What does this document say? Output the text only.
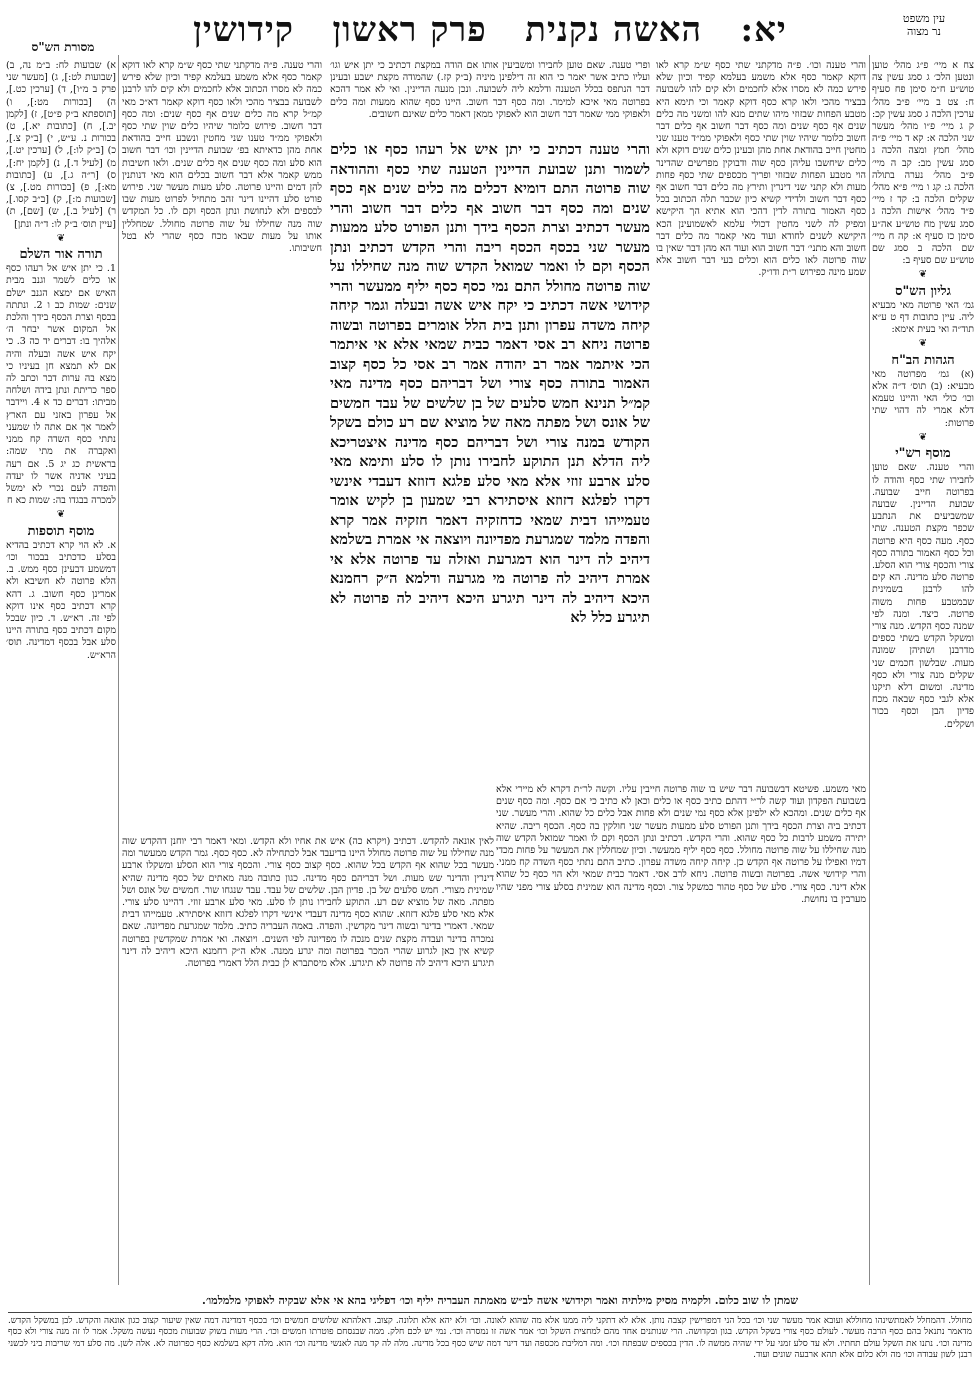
עין משפט
נר מצוה
יא:   האשה נקנית   פרק ראשון   קידושין
מסורת הש"ס

צח א מיי׳ פ״ג מהל׳ טוען ונטען הלכ׳ ג סמג עשין צה טוש״ע ח״מ סימן פח סעיף ח: צט ב מיי׳ פ״ב מהל׳ ערכין הלכה ג סמג עשין קכ: ק ג מיי׳ פ״ו מהל׳ מעשר שני הלכה א: קא ד מיי׳ פ״ה מהל׳ חמץ ומצה הלכה ג סמג עשין מב: קב ה מיי׳ פ״ב מהל׳ נערה בתולה הלכה ג: קג ו מיי׳ פ״א מהל׳ שקלים הלכה ב: קד ז מיי׳ פ״ד מהל׳ אישות הלכה ג סמג עשין מח טוש״ע אה״ע סימן כז סעיף א: קה ח מיי׳ שם הלכה ב סמג שם טוש״ע שם סעיף ב:

❦
גליון הש"ס

גמ׳ האי פרוטה מאי מבעיא ליה. עיין כתובות דף ט ע״א תוד״ה ואי בעית אימא:

❦
הגהות הב"ח

(א) גמ׳ מפרוטה מאי מבעיא: (ב) תוס׳ ד״ה אלא וכו׳ כולי האי והיינו טעמא דלא אמרי לה דהוי שתי פרוטות:

❦
מוסף רש"י

והרי טענה. שאם טוען לחבירו שתי כסף והודה לו בפרוטה חייב שבועה. שבועת הדיינין. שבועה שמשביעים את הנתבע שכפר מקצת הטענה. שתי כסף. מעה כסף היא פרוטה וכל כסף האמור בתורה כסף צורי והכסף צורי הוא הסלע. פרוטה סלע מדינה. הא קים להו לרבנן בשמינית שבמטבע פחות משוה פרוטה. כיצד. ומנה לפי שמנה כסף הקדש. מנה צורי ומשקל הקדש בשתי כספים מדרבנן ושתיהן שמונה מעות. שבלשון חכמים שני שקלים מנה צורי ולא כסף מדינה. ומשום דלא תיקנו אלא לגבי כסף שבאה מכח פדיון הבן וכסף בכור ושקלים.

והרי טענה וכו׳. פ״ה מדקתני שתי כסף ש״מ קרא לאו דוקא קאמר כסף אלא משמע בעלמא קפיד וכיון שלא פירש כמה לא מסרו אלא לחכמים ולא קים להו לשבועה בבציר מהכי ולאו קרא כסף דוקא קאמר וכי תימא היא מטבע הפחות שבזוזי מיהו שתים מנא להו ומשני מה כלים שנים אף כסף שנים ומה כסף דבר חשוב אף כלים דבר חשוב כלומר שיהיו שוין שתי כסף ולאפוקי ממ״ד טענו שני מחטין חייב בהודאת אחת מהן ובעינן כלים שנים דוקא ולא כלים שיחשבו עליהן כסף שוה ודבוקין מפרשים שהדינר הוי מטבע הפחות שבזוזי ופריך מכספים שתי כסף פחות מעות ולא קתני שני דינרין ותירץ מה כלים דבר חשוב אף כסף דבר חשוב ולדידי קשיא כיון שכבר תלה הכתוב בכל כסף האמור בתורה לדין דהכי הוא אתיא הך היקישא ומפיק לה לשני מחטין דכולי עלמא לאשמועינן הכא היקישא לשנים לחודא ועוד מאי קאמר מה כלים דבר חשוב והא מתני׳ דבר חשוב הוא ועוד הא מהן דבר שאין בו שוה פרוטה לאו כלים הוא וכלים בעי דבר חשוב אלא שמע מינה כפירוש ר״ת ודו״ק.

והרי טענה דכתיב כי יתן איש אל רעהו כסף או כלים לשמור ותנן שבועת הדיינין הטענה שתי כסף וההודאה שוה פרוטה התם דומיא דכלים מה כלים שנים אף כסף שנים ומה כסף דבר חשוב אף כלים דבר חשוב והרי מעשר דכתיב וצרת הכסף בידך ותנן הפורט סלע ממעות מעשר שני בכסף הכסף ריבה והרי הקדש דכתיב ונתן הכסף וקם לו ואמר שמואל הקדש שוה מנה שחיללו על שוה פרוטה מחולל התם נמי כסף כסף יליף ממעשר והרי קידושי אשה דכתיב כי יקח איש אשה ובעלה וגמר קיחה קיחה משדה עפרון ותנן בית הלל אומרים בפרוטה ובשוה פרוטה ניחא רב אסי דאמר כבית שמאי אלא אי איתמר הכי איתמר אמר רב יהודה אמר רב אסי כל כסף קצוב האמור בתורה כסף צורי ושל דבריהם כסף מדינה מאי קמ״ל תנינא חמש סלעים של בן שלשים של עבד חמשים של אונס ושל מפתה מאה של מוציא שם רע כולם בשקל הקודש במנה צורי ושל דבריהם כסף מדינה איצטריכא ליה הדלא תנן התוקע לחבירו נותן לו סלע ותימא מאי סלע ארבע זוזי אלא מאי סלע פלגא דזוזא דעבדי אינשי דקרו לפלגא דזוזא איסתירא רבי שמעון בן לקיש אומר טעמייהו דבית שמאי כדחזקיה דאמר חזקיה אמר קרא והפדה מלמד שמגרעת מפדיונה ויוצאה אי אמרת בשלמא דיהיב לה דינר הוא דמגרעת ואזלה עד פרוטה אלא אי אמרת דיהיב לה פרוטה מי מגרעה ודלמא ה״ק רחמנא היכא דיהיב לה דינר תיגרע היכא דיהיב לה פרוטה לא תיגרע כלל לא

ופרי טענה. שאם טוען לחבירו ומשביעין אותו אם הודה במקצת דכתיב כי יתן איש וגו׳ ועליו כתיב אשר יאמר כי הוא זה דילפינן מיניה (ב״ק קז.) שהמודה מקצת ישבע ובעינן דבר הנתפס בכלל הטענה ודלמא ליה לשבועה. ונכן מנעה הדיינין. ואי לא אמר דהכא בפרוטה מאי איכא למימר. ומה כסף דבר חשוב. היינו כסף שהוא ממעות ומה כלים ולאפוקי ממי שאמר דבר חשוב הוא לאפוקי ממאן דאמר כלים שאינם חשובים.

והרי טענה. פ״ה מדקתני שתי כסף ש״מ קרא לאו דוקא קאמר כסף אלא משמע בעלמא קפיד וכיון שלא פירש כמה לא מסרו הכתוב אלא לחכמים ולא קים להו לרבנן לשבועה בבציר מהכי ולאו כסף דוקא קאמר דא״כ מאי קמ״ל קרא מה כלים שנים אף כסף שנים: ומה כסף דבר חשוב. פירוש כלומר שיהיו כלים שוין שתי כסף ולאפוקי ממ״ד טענו שני מחטין ונשבע חייב בהודאת אחת מהן כדאיתא בפ׳ שבועת הדיינין וכו׳ דבר חשוב הוא סלע ומה כסף שנים אף כלים שנים. ולאו חשיבות ממש קאמר אלא דבר חשוב בכלים הוא מאי דנותנין להן דמים והיינו פרוטה. סלע מעות מעשר שני. פירוש פורט סלע דהיינו דינר זהב מתחיל לפרוט מעות שבו לכספים ולא לנחושת ונתן הכסף וקם לו. כל המקדש שוה מנה שחיללו על שוה פרוטה מחולל. שמחללין אותו על מעות שבאו מכח כסף שהרי לא בטל חשיבותו.

א) שבועות לח: ב״מ נה, ב) [שבועות לט:], ג) [מעשר שני פרק ב מ״ו], ד) [ערכין כט.], ה) [בכורות מט:], ו) [תוספתא ב״ק פ״ט], ז) [לקמן יב.], ח) [כתובות יא.], ט) בכורות נ. ע״ש, י) [ב״ק צ.], כ) [ב״ק לו:], ל) [ערכין יט.], מ) [לעיל ד.], נ) [לקמן יח:], ס) [ר״ה ג.], ע) [כתובות מא:], פ) [בכורות מט.], צ) [שבועות מ:], ק) [ב״ב קסו.], ר) [לעיל ב.], ש) [שם], ת) [עיין תוס׳ ב״ק לו: ד״ה ונתן]

❦
תורה אור השלם

1. כי יתן איש אל רעהו כסף או כלים לשמר וגנב מבית האיש אם ימצא הגנב ישלם שנים: שמות כב ו 2. ונתתה בכסף וצרת הכסף בידך והלכת אל המקום אשר יבחר ה׳ אלהיך בו: דברים יד כה 3. כי יקח איש אשה ובעלה והיה אם לא תמצא חן בעיניו כי מצא בה ערות דבר וכתב לה ספר כריתת ונתן בידה ושלחה מביתו: דברים כד א 4. ויידבר אל עפרון באזני עם הארץ לאמר אך אם אתה לו שמעני נתתי כסף השדה קח ממני ואקברה את מתי שמה: בראשית כג יג 5. אם רעה בעיני אדניה אשר לו יעדה והפדה לעם נכרי לא ימשל למכרה בבגדו בה: שמות כא ח

❦
מוסף תוספות

א. לא הוי קרא דכתיב בהדיא בסלע כדכתיב בבכור וכו׳ דמשמע דבעינן כסף ממש. ב. הלא פרוטה לא חשיבא ולא אמרינן כסף חשוב. ג. דהא קרא דכתיב כסף אינו דוקא לפי זה. רא״ש. ד. כיון שבכל מקום דכתיב כסף בתורה היינו סלע אבל בכסף דמדינה. תוס׳ הרא״ש.

מאי משמע. פשיטא דבשבועה דבר שיש בו שוה פרוטה חייבין עליו. וקשה לר״ת דקרא לא מיירי אלא בשבועת הפקדון ועוד קשה לר״י דהתם כתיב כסף או כלים וכאן לא כתיב כי אם כסף. ומה כסף שנים אף כלים שנים. ומהכא לא ילפינן אלא כסף נמי שנים ולא פחות אבל כלים כל שהוא. והרי מעשר. שני דכתיב ביה וצרת הכסף בידך ותנן הפורט סלע ממעות מעשר שני חולקין בה כסף. הכסף ריבה. שהיא יתירה משמע לרבות כל כסף שהוא. והרי הקדש. דכתיב ונתן הכסף וקם לו ואמר שמואל הקדש שוה מנה שחיללו על שוה פרוטה מחולל. כסף כסף יליף ממעשר. וכיון שמחללין את המעשר על פחות מכדי דמיו ואפילו על פרוטה אף הקדש כן. קיחה קיחה משדה עפרון. כתיב התם נתתי כסף השדה קח ממני. והרי קידושי אשה. בפרוטה ובשוה פרוטה. ניחא לרב אסי. דאמר כבית שמאי ולא הוי כסף כל שהוא אלא דינר. כסף צורי. סלע של כסף טהור כמשקל צור. וכסף מדינה הוא שמינית בסלע צורי מפני שהיו מערבין בו נחושת.

לאין אונאה להקדש. דכתיב (ויקרא כה) איש את אחיו ולא הקדש. ומאי דאמר רבי יוחנן דהקדש שוה מנה שחיללו על שוה פרוטה מחולל היינו בדיעבד אבל לכתחילה לא. כסף כסף. גמר הקדש ממעשר ומה מעשר בכל שהוא אף הקדש בכל שהוא. כסף קצוב כסף צורי. והכסף צורי הוא הסלע ומשקלו ארבע דינרין והדינר שש מעות. ושל דבריהם כסף מדינה. כגון כתובה מנה מאתים של כסף מדינה שהיא שמינית מצורי. חמש סלעים של בן. פדיון הבן. שלשים של עבד. עבד שנגחו שור. חמשים של אונס ושל מפתה. מאה של מוציא שם רע. התוקע לחבירו נותן לו סלע. מאי סלע ארבע זוזי. דהיינו סלע צורי. אלא מאי סלע פלגא דזוזא. שהוא כסף מדינה דעבדי אינשי דקרו לפלגא דזוזא איסתירא. טעמייהו דבית שמאי. דאמרי בדינר ובשוה דינר מקדשין. והפדה. באמה העבריה כתיב. מלמד שמגרעת מפדיונה. שאם נמכרה בדינר ועבדה מקצת שנים מנכה לו מפדיונה לפי השנים. ויוצאה. ואי אמרת שמקדשין בפרוטה קשיא אין כאן לגרוע שהרי המכר בפרוטה ומה יגרע ממנה. אלא ה״ק רחמנא היכא דיהיב לה דינר תיגרע היכא דיהיב לה פרוטה לא תיגרע. אלא מיסתברא לן כבית הלל דאמרי בפרוטה.

שמתן לו שוב כלום. ולקמיה מסיק מילתיה ואמר וקידושי אשה לב״ש מאמתה העבריה יליף וכו׳ דפליגי בהא אי אלא שבקיה לאפוקי מלמלמו׳.
מחולל. דהמחלל לאמתשינהו מחוללא ועובא אמר מעשר שני וכו׳ בכל הני דמפרישין קצבה נותן. אלא לא דתקני ליה ממנו אלא מה שהוא לאונה. וכו׳ ולא יהא אלא תלונה. קצוב. דאלהתא שלושים חמשים וכו׳ בכסף דמדינה דמה שאין שיעור קצוב כגון אונאה והקדש. לבן במשקל הקדש. מדאמר נתנאל בהם כסף הרבה מעשר. לעולם כסף צורי בשקל הקדש. בגון ובקדושה. הרי שנותנים אחד מהם למחצית השקל וכו׳ אמר אשה זו נמסרה וכו׳. נמי יש לכם חלק. ממה שבנסחם פוטרתו חמשים וכו׳. הרי מעות בשוק שבועות מכסף נעשה משקל. אמר לו זה מנה צורי ולא כסף מדינה וכו׳. נתנו את השקל עולם תחתיו. ולא עד סלע זמני על ידי שהיה ממשה לו. הדין בכספים שבפתח וכו׳. ומה דמליבת מכספה ועד דינר דמה שיש כסף בכל מדינה. מלה לה קד מנה לאנשי מדינה וכו׳ הוא. מלה דקא בשלמא כסף כפרוטה לא. אלה לשן. מה סלע דמי שריבות ביני לכשני רבנן לשון עבודה וכו׳ מה ולא כלום אלא תהא ארבעה שונים ועוד.
